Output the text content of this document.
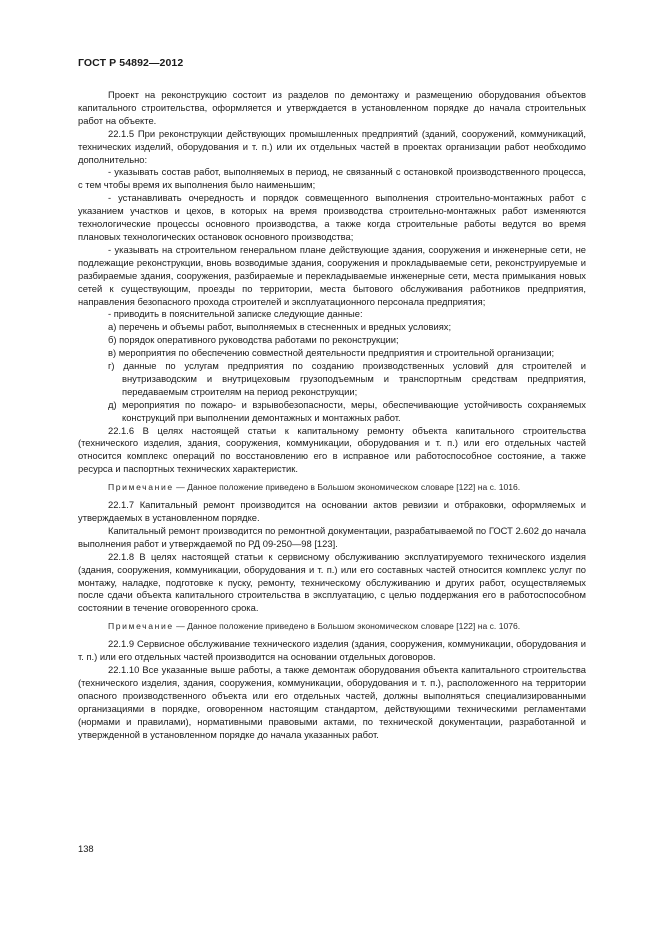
ГОСТ Р 54892—2012

Проект на реконструкцию состоит из разделов по демонтажу и размещению оборудования объектов капитального строительства, оформляется и утверждается в установленном порядке до начала строительных работ на объекте.

22.1.5 При реконструкции действующих промышленных предприятий (зданий, сооружений, коммуникаций, технических изделий, оборудования и т. п.) или их отдельных частей в проектах организации работ необходимо дополнительно:

- указывать состав работ, выполняемых в период, не связанный с остановкой производственного процесса, с тем чтобы время их выполнения было наименьшим;

- устанавливать очередность и порядок совмещенного выполнения строительно-монтажных работ с указанием участков и цехов, в которых на время производства строительно-монтажных работ изменяются технологические процессы основного производства, а также когда строительные работы ведутся во время плановых технологических остановок основного производства;

- указывать на строительном генеральном плане действующие здания, сооружения и инженерные сети, не подлежащие реконструкции, вновь возводимые здания, сооружения и прокладываемые сети, реконструируемые и разбираемые здания, сооружения, разбираемые и перекладываемые инженерные сети, места примыкания новых сетей к существующим, проезды по территории, места бытового обслуживания работников предприятия, направления безопасного прохода строителей и эксплуатационного персонала предприятия;

- приводить в пояснительной записке следующие данные:

а) перечень и объемы работ, выполняемых в стесненных и вредных условиях;

б) порядок оперативного руководства работами по реконструкции;

в) мероприятия по обеспечению совместной деятельности предприятия и строительной организации;

г) данные по услугам предприятия по созданию производственных условий для строителей и внутризаводским и внутрицеховым грузоподъемным и транспортным средствам предприятия, передаваемым строителям на период реконструкции;

д) мероприятия по пожаро- и взрывобезопасности, меры, обеспечивающие устойчивость сохраняемых конструкций при выполнении демонтажных и монтажных работ.

22.1.6 В целях настоящей статьи к капитальному ремонту объекта капитального строительства (технического изделия, здания, сооружения, коммуникации, оборудования и т. п.) или его отдельных частей относится комплекс операций по восстановлению его в исправное или работоспособное состояние, а также ресурса и паспортных технических характеристик.

Примечание — Данное положение приведено в Большом экономическом словаре [122] на с. 1016.

22.1.7 Капитальный ремонт производится на основании актов ревизии и отбраковки, оформляемых и утверждаемых в установленном порядке.

Капитальный ремонт производится по ремонтной документации, разрабатываемой по ГОСТ 2.602 до начала выполнения работ и утверждаемой по РД 09-250—98 [123].

22.1.8 В целях настоящей статьи к сервисному обслуживанию эксплуатируемого технического изделия (здания, сооружения, коммуникации, оборудования и т. п.) или его составных частей относится комплекс услуг по монтажу, наладке, подготовке к пуску, ремонту, техническому обслуживанию и других работ, осуществляемых после сдачи объекта капитального строительства в эксплуатацию, с целью поддержания его в работоспособном состоянии в течение оговоренного срока.

Примечание — Данное положение приведено в Большом экономическом словаре [122] на с. 1076.

22.1.9 Сервисное обслуживание технического изделия (здания, сооружения, коммуникации, оборудования и т. п.) или его отдельных частей производится на основании отдельных договоров.

22.1.10 Все указанные выше работы, а также демонтаж оборудования объекта капитального строительства (технического изделия, здания, сооружения, коммуникации, оборудования и т. п.), расположенного на территории опасного производственного объекта или его отдельных частей, должны выполняться специализированными организациями в порядке, оговоренном настоящим стандартом, действующими техническими регламентами (нормами и правилами), нормативными правовыми актами, по технической документации, разработанной и утвержденной в установленном порядке до начала указанных работ.

138
